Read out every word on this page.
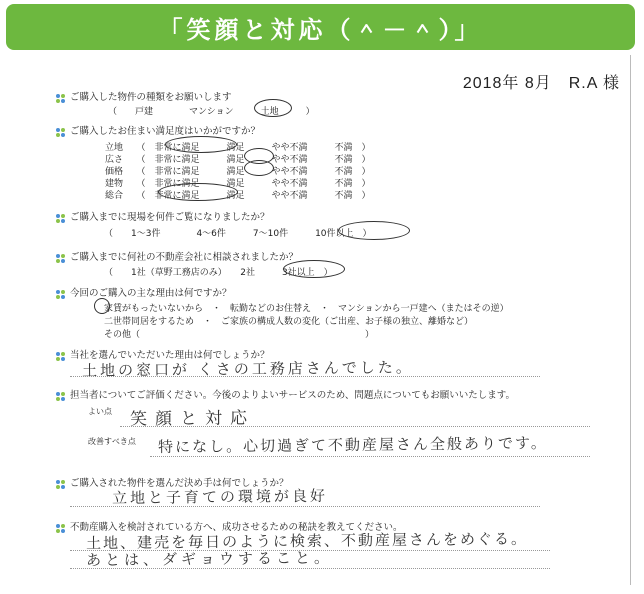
「笑顔と対応（＾－＾）」
2018年 8月　R.A 様
ご購入した物件の種類をお願いします
（　　戸建　　　　マンション　　　土地　　　）
ご購入したお住まい満足度はいかがですか？
立地　　 （　非常に満足　　　満足　　　やや不満　　　不満　）
広さ　　 （　非常に満足　　　満足　　　やや不満　　　不満　）
価格　　 （　非常に満足　　　満足　　　やや不満　　　不満　）
建物　　 （　非常に満足　　　満足　　　やや不満　　　不満　）
総合　　 （　非常に満足　　　満足　　　やや不満　　　不満　）
ご購入までに現場を何件ご覧になりましたか？
（　　1～3件　　　　4～6件　　　7～10件　　　10件以上　）
ご購入までに何社の不動産会社に相談されましたか？
（　　1社（草野工務店のみ）　　2社　　　3社以上　）
今回のご購入の主な理由は何ですか？
家賃がもったいないから　・　転勤などのお住替え　・　マンションから一戸建へ（またはその逆）
二世帯同居をするため　・　ご家族の構成人数の変化（ご出産、お子様の独立、離婚など）
その他（　　　　　　　　　　　　　　　　　　　　　　　　　）
当社を選んでいただいた理由は何でしょうか？
土地の窓口が くさの工務店さんでした。
担当者についてご評価ください。今後のよりよいサービスのため、問題点についてもお願いいたします。
よい点 笑顔と対応
改善すべき点 特になし。心切過ぎて不動産屋さん全般ありです。
ご購入された物件を選んだ決め手は何でしょうか？
立地と子育ての環境が良好
不動産購入を検討されている方へ、成功させるための秘訣を教えてください。
土地、建売を毎日のように検索、不動産屋さんをめぐる。
あとは、ダギョウすること。
